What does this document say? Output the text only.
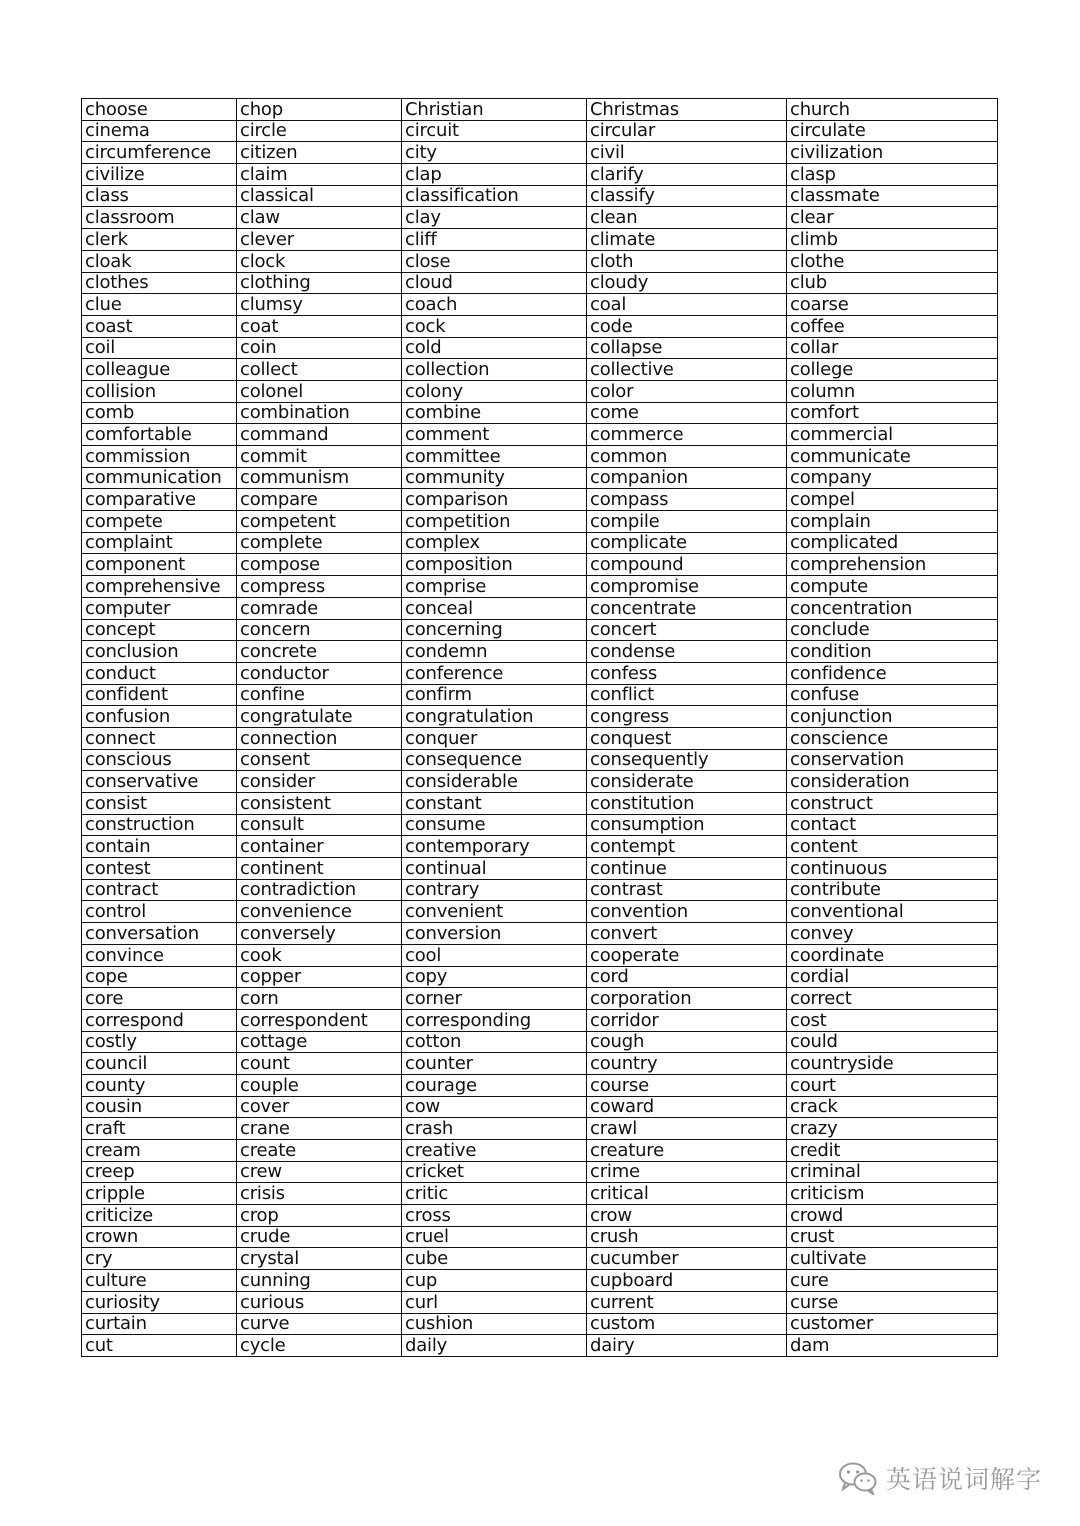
choose	chop	Christian	Christmas	church
cinema	circle	circuit	circular	circulate
circumference	citizen	city	civil	civilization
civilize	claim	clap	clarify	clasp
class	classical	classification	classify	classmate
classroom	claw	clay	clean	clear
clerk	clever	cliff	climate	climb
cloak	clock	close	cloth	clothe
clothes	clothing	cloud	cloudy	club
clue	clumsy	coach	coal	coarse
coast	coat	cock	code	coffee
coil	coin	cold	collapse	collar
colleague	collect	collection	collective	college
collision	colonel	colony	color	column
comb	combination	combine	come	comfort
comfortable	command	comment	commerce	commercial
commission	commit	committee	common	communicate
communication	communism	community	companion	company
comparative	compare	comparison	compass	compel
compete	competent	competition	compile	complain
complaint	complete	complex	complicate	complicated
component	compose	composition	compound	comprehension
comprehensive	compress	comprise	compromise	compute
computer	comrade	conceal	concentrate	concentration
concept	concern	concerning	concert	conclude
conclusion	concrete	condemn	condense	condition
conduct	conductor	conference	confess	confidence
confident	confine	confirm	conflict	confuse
confusion	congratulate	congratulation	congress	conjunction
connect	connection	conquer	conquest	conscience
conscious	consent	consequence	consequently	conservation
conservative	consider	considerable	considerate	consideration
consist	consistent	constant	constitution	construct
construction	consult	consume	consumption	contact
contain	container	contemporary	contempt	content
contest	continent	continual	continue	continuous
contract	contradiction	contrary	contrast	contribute
control	convenience	convenient	convention	conventional
conversation	conversely	conversion	convert	convey
convince	cook	cool	cooperate	coordinate
cope	copper	copy	cord	cordial
core	corn	corner	corporation	correct
correspond	correspondent	corresponding	corridor	cost
costly	cottage	cotton	cough	could
council	count	counter	country	countryside
county	couple	courage	course	court
cousin	cover	cow	coward	crack
craft	crane	crash	crawl	crazy
cream	create	creative	creature	credit
creep	crew	cricket	crime	criminal
cripple	crisis	critic	critical	criticism
criticize	crop	cross	crow	crowd
crown	crude	cruel	crush	crust
cry	crystal	cube	cucumber	cultivate
culture	cunning	cup	cupboard	cure
curiosity	curious	curl	current	curse
curtain	curve	cushion	custom	customer
cut	cycle	daily	dairy	dam
英语说词解字
